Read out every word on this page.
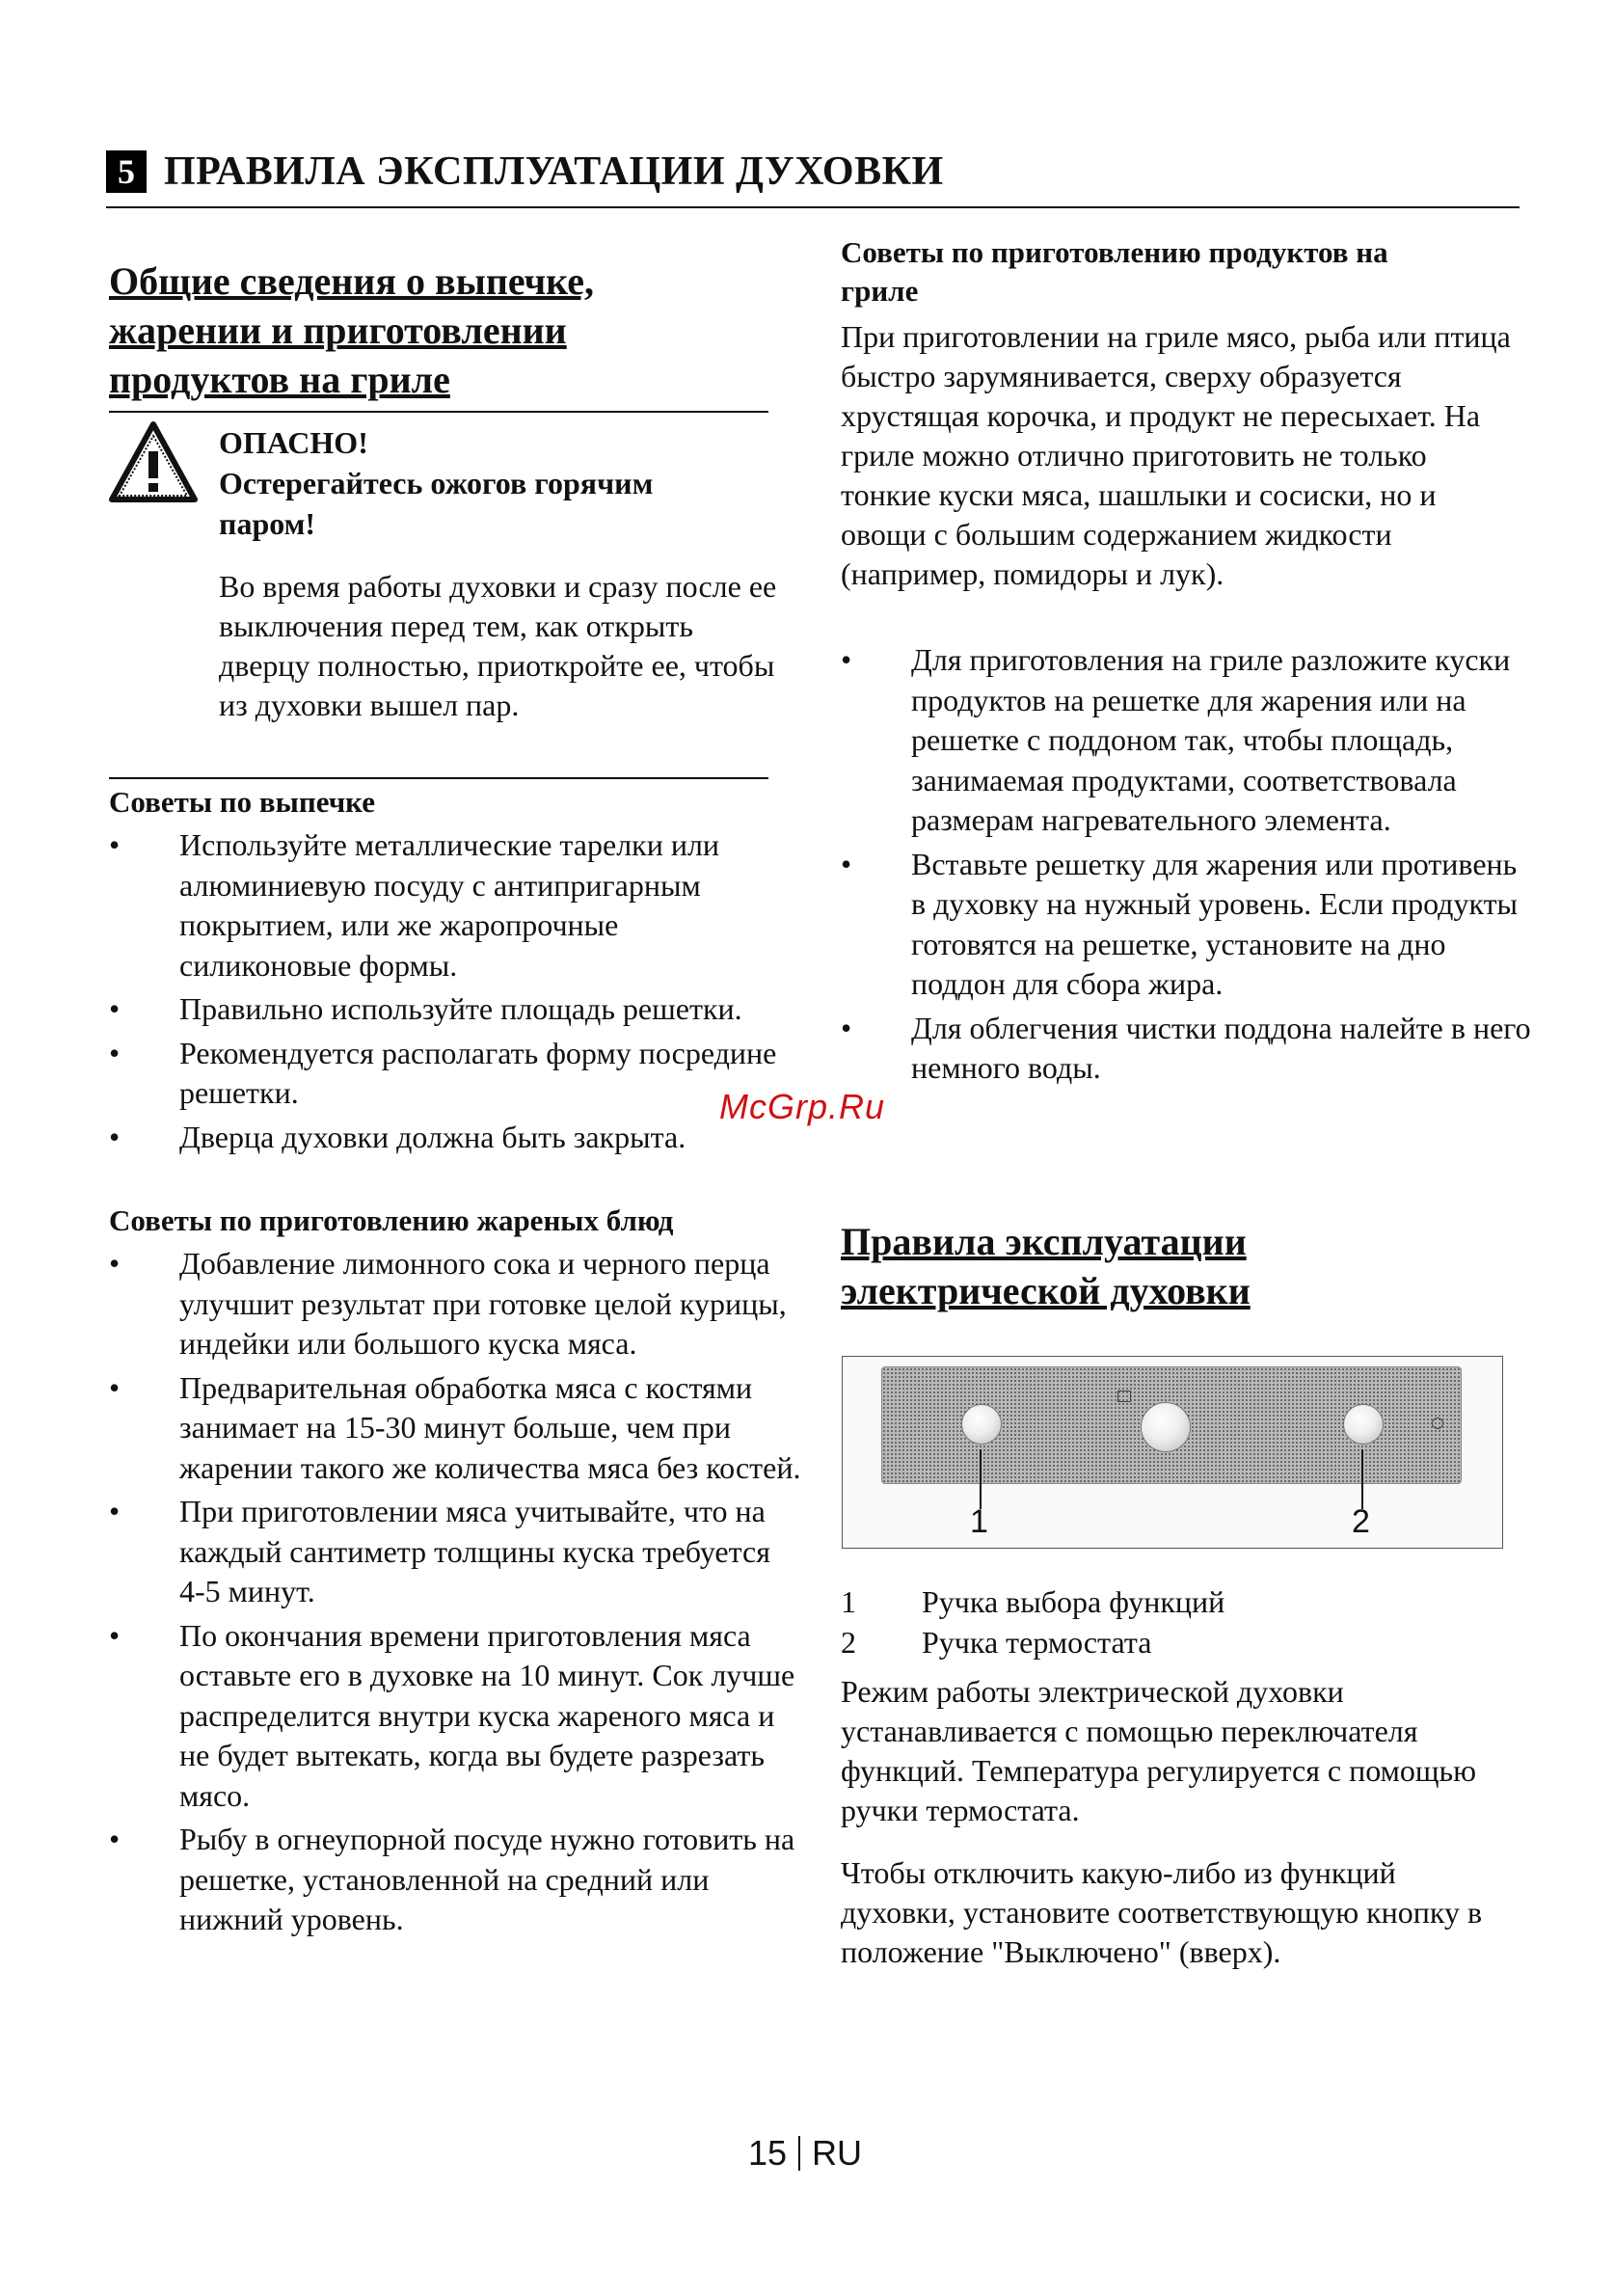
5 ПРАВИЛА ЭКСПЛУАТАЦИИ ДУХОВКИ
Общие сведения о выпечке,
жарении и приготовлении
продуктов на гриле
ОПАСНО!
Остерегайтесь ожогов горячим
паром!
Во время работы духовки и сразу после ее выключения перед тем, как открыть дверцу полностью, приоткройте ее, чтобы из духовки вышел пар.
Советы по выпечке
• Используйте металлические тарелки или алюминиевую посуду с антипригарным покрытием, или же жаропрочные силиконовые формы.
• Правильно используйте площадь решетки.
• Рекомендуется располагать форму посредине решетки.
• Дверца духовки должна быть закрыта.
Советы по приготовлению жареных блюд
• Добавление лимонного сока и черного перца улучшит результат при готовке целой курицы, индейки или большого куска мяса.
• Предварительная обработка мяса с костями занимает на 15-30 минут больше, чем при жарении такого же количества мяса без костей.
• При приготовлении мяса учитывайте, что на каждый сантиметр толщины куска требуется 4-5 минут.
• По окончания времени приготовления мяса оставьте его в духовке на 10 минут. Сок лучше распределится внутри куска жареного мяса и не будет вытекать, когда вы будете разрезать мясо.
• Рыбу в огнеупорной посуде нужно готовить на решетке, установленной на средний или нижний уровень.
Советы по приготовлению продуктов на
гриле
При приготовлении на гриле мясо, рыба или птица быстро зарумянивается, сверху образуется хрустящая корочка, и продукт не пересыхает. На гриле можно отлично приготовить не только тонкие куски мяса, шашлыки и сосиски, но и овощи с большим содержанием жидкости (например, помидоры и лук).
• Для приготовления на гриле разложите куски продуктов на решетке для жарения или на решетке с поддоном так, чтобы площадь, занимаемая продуктами, соответствовала размерам нагревательного элемента.
• Вставьте решетку для жарения или противень в духовку на нужный уровень. Если продукты готовятся на решетке, установите на дно поддон для сбора жира.
• Для облегчения чистки поддона налейте в него немного воды.
McGrp.Ru
Правила эксплуатации
электрической духовки
1	2
1 Ручка выбора функций
2 Ручка термостата
Режим работы электрической духовки устанавливается с помощью переключателя функций. Температура регулируется с помощью ручки термостата.
Чтобы отключить какую-либо из функций духовки, установите соответствующую кнопку в положение "Выключено" (вверх).
15 RU
